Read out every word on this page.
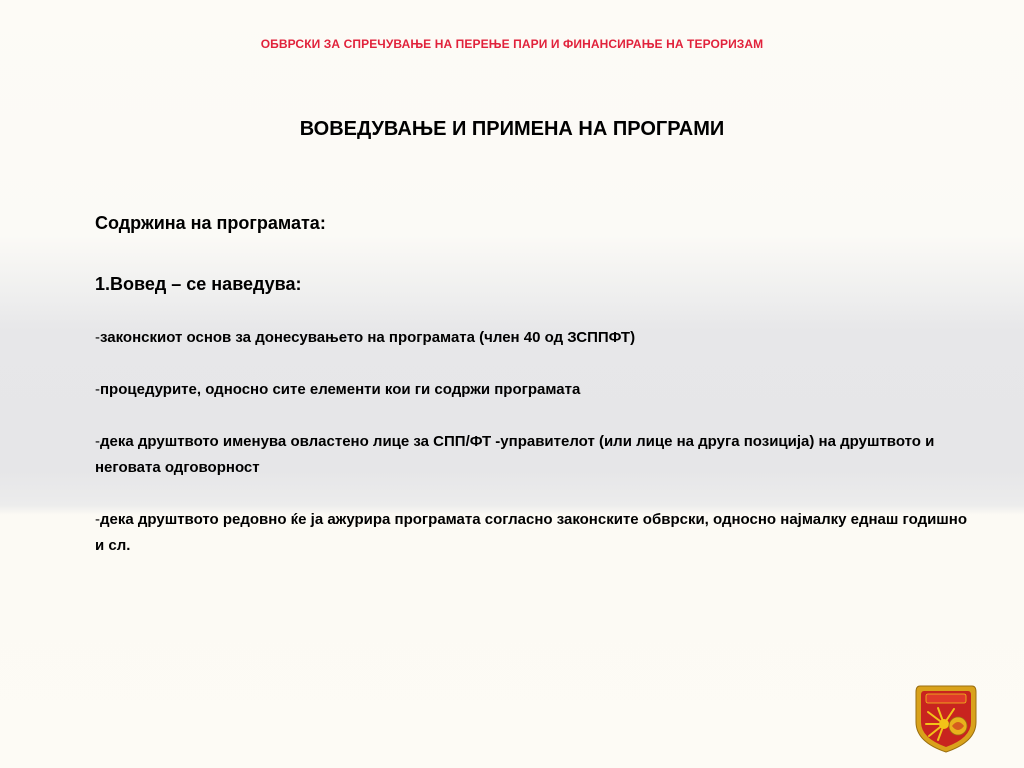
ОБВРСКИ ЗА СПРЕЧУВАЊЕ НА ПЕРЕЊЕ ПАРИ И ФИНАНСИРАЊЕ НА ТЕРОРИЗАМ
ВОВЕДУВАЊЕ И ПРИМЕНА НА ПРОГРАМИ

Содржина на програмата:

1.Вовед – се наведува:

-законскиот основ за донесувањето на програмата (член 40 од ЗСППФТ)

-процедурите, односно сите елементи кои ги содржи програмата

-дека друштвото именува овластено лице за СПП/ФТ -управителот (или лице на друга позиција) на друштвото и неговата одговорност

-дека друштвото редовно ќе ја ажурира програмата согласно законските обврски, односно најмалку еднаш годишно и сл.
